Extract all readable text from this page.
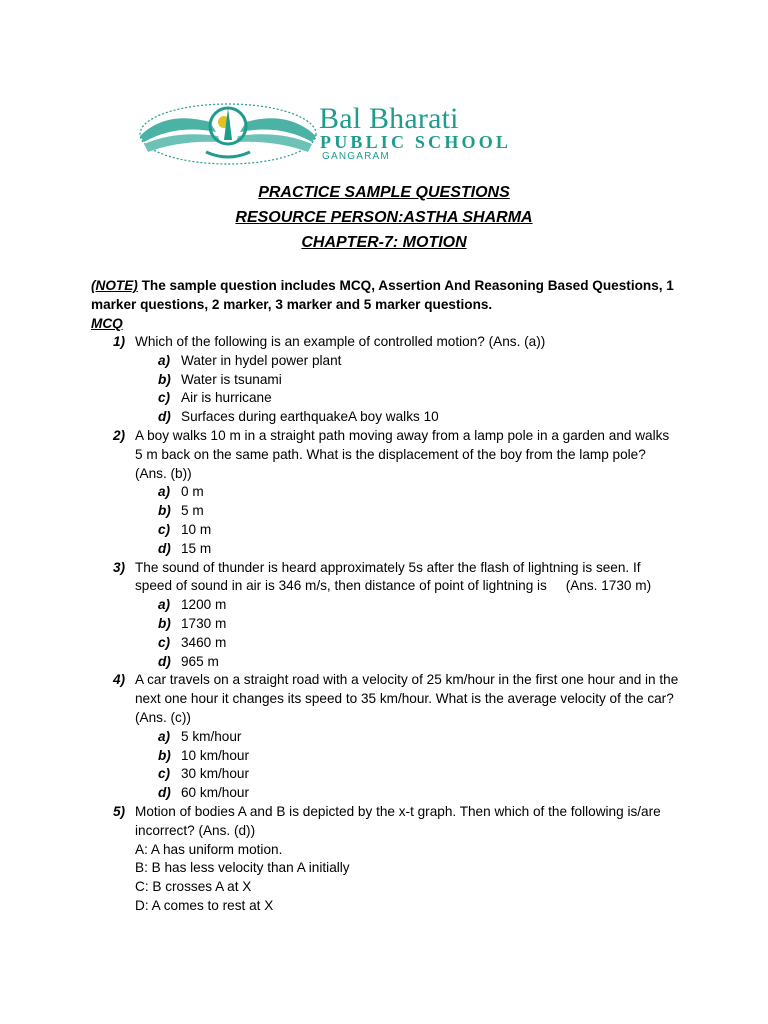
Bal Bharati
PUBLIC SCHOOL
GANGARAM

PRACTICE SAMPLE QUESTIONS

RESOURCE PERSON:ASTHA SHARMA

CHAPTER-7: MOTION

(NOTE) The sample question includes MCQ, Assertion And Reasoning Based Questions, 1 marker questions, 2 marker, 3 marker and 5 marker questions.
MCQ
1) Which of the following is an example of controlled motion? (Ans. (a))
a) Water in hydel power plant
b) Water is tsunami
c) Air is hurricane
d) Surfaces during earthquakeA boy walks 10
2) A boy walks 10 m in a straight path moving away from a lamp pole in a garden and walks 5 m back on the same path. What is the displacement of the boy from the lamp pole? (Ans. (b))
a) 0 m
b) 5 m
c) 10 m
d) 15 m
3) The sound of thunder is heard approximately 5s after the flash of lightning is seen. If speed of sound in air is 346 m/s, then distance of point of lightning is     (Ans. 1730 m)
a) 1200 m
b) 1730 m
c) 3460 m
d) 965 m
4) A car travels on a straight road with a velocity of 25 km/hour in the first one hour and in the next one hour it changes its speed to 35 km/hour. What is the average velocity of the car? (Ans. (c))
a) 5 km/hour
b) 10 km/hour
c) 30 km/hour
d) 60 km/hour
5) Motion of bodies A and B is depicted by the x-t graph. Then which of the following is/are incorrect? (Ans. (d))
A: A has uniform motion.
B: B has less velocity than A initially
C: B crosses A at X
D: A comes to rest at X
